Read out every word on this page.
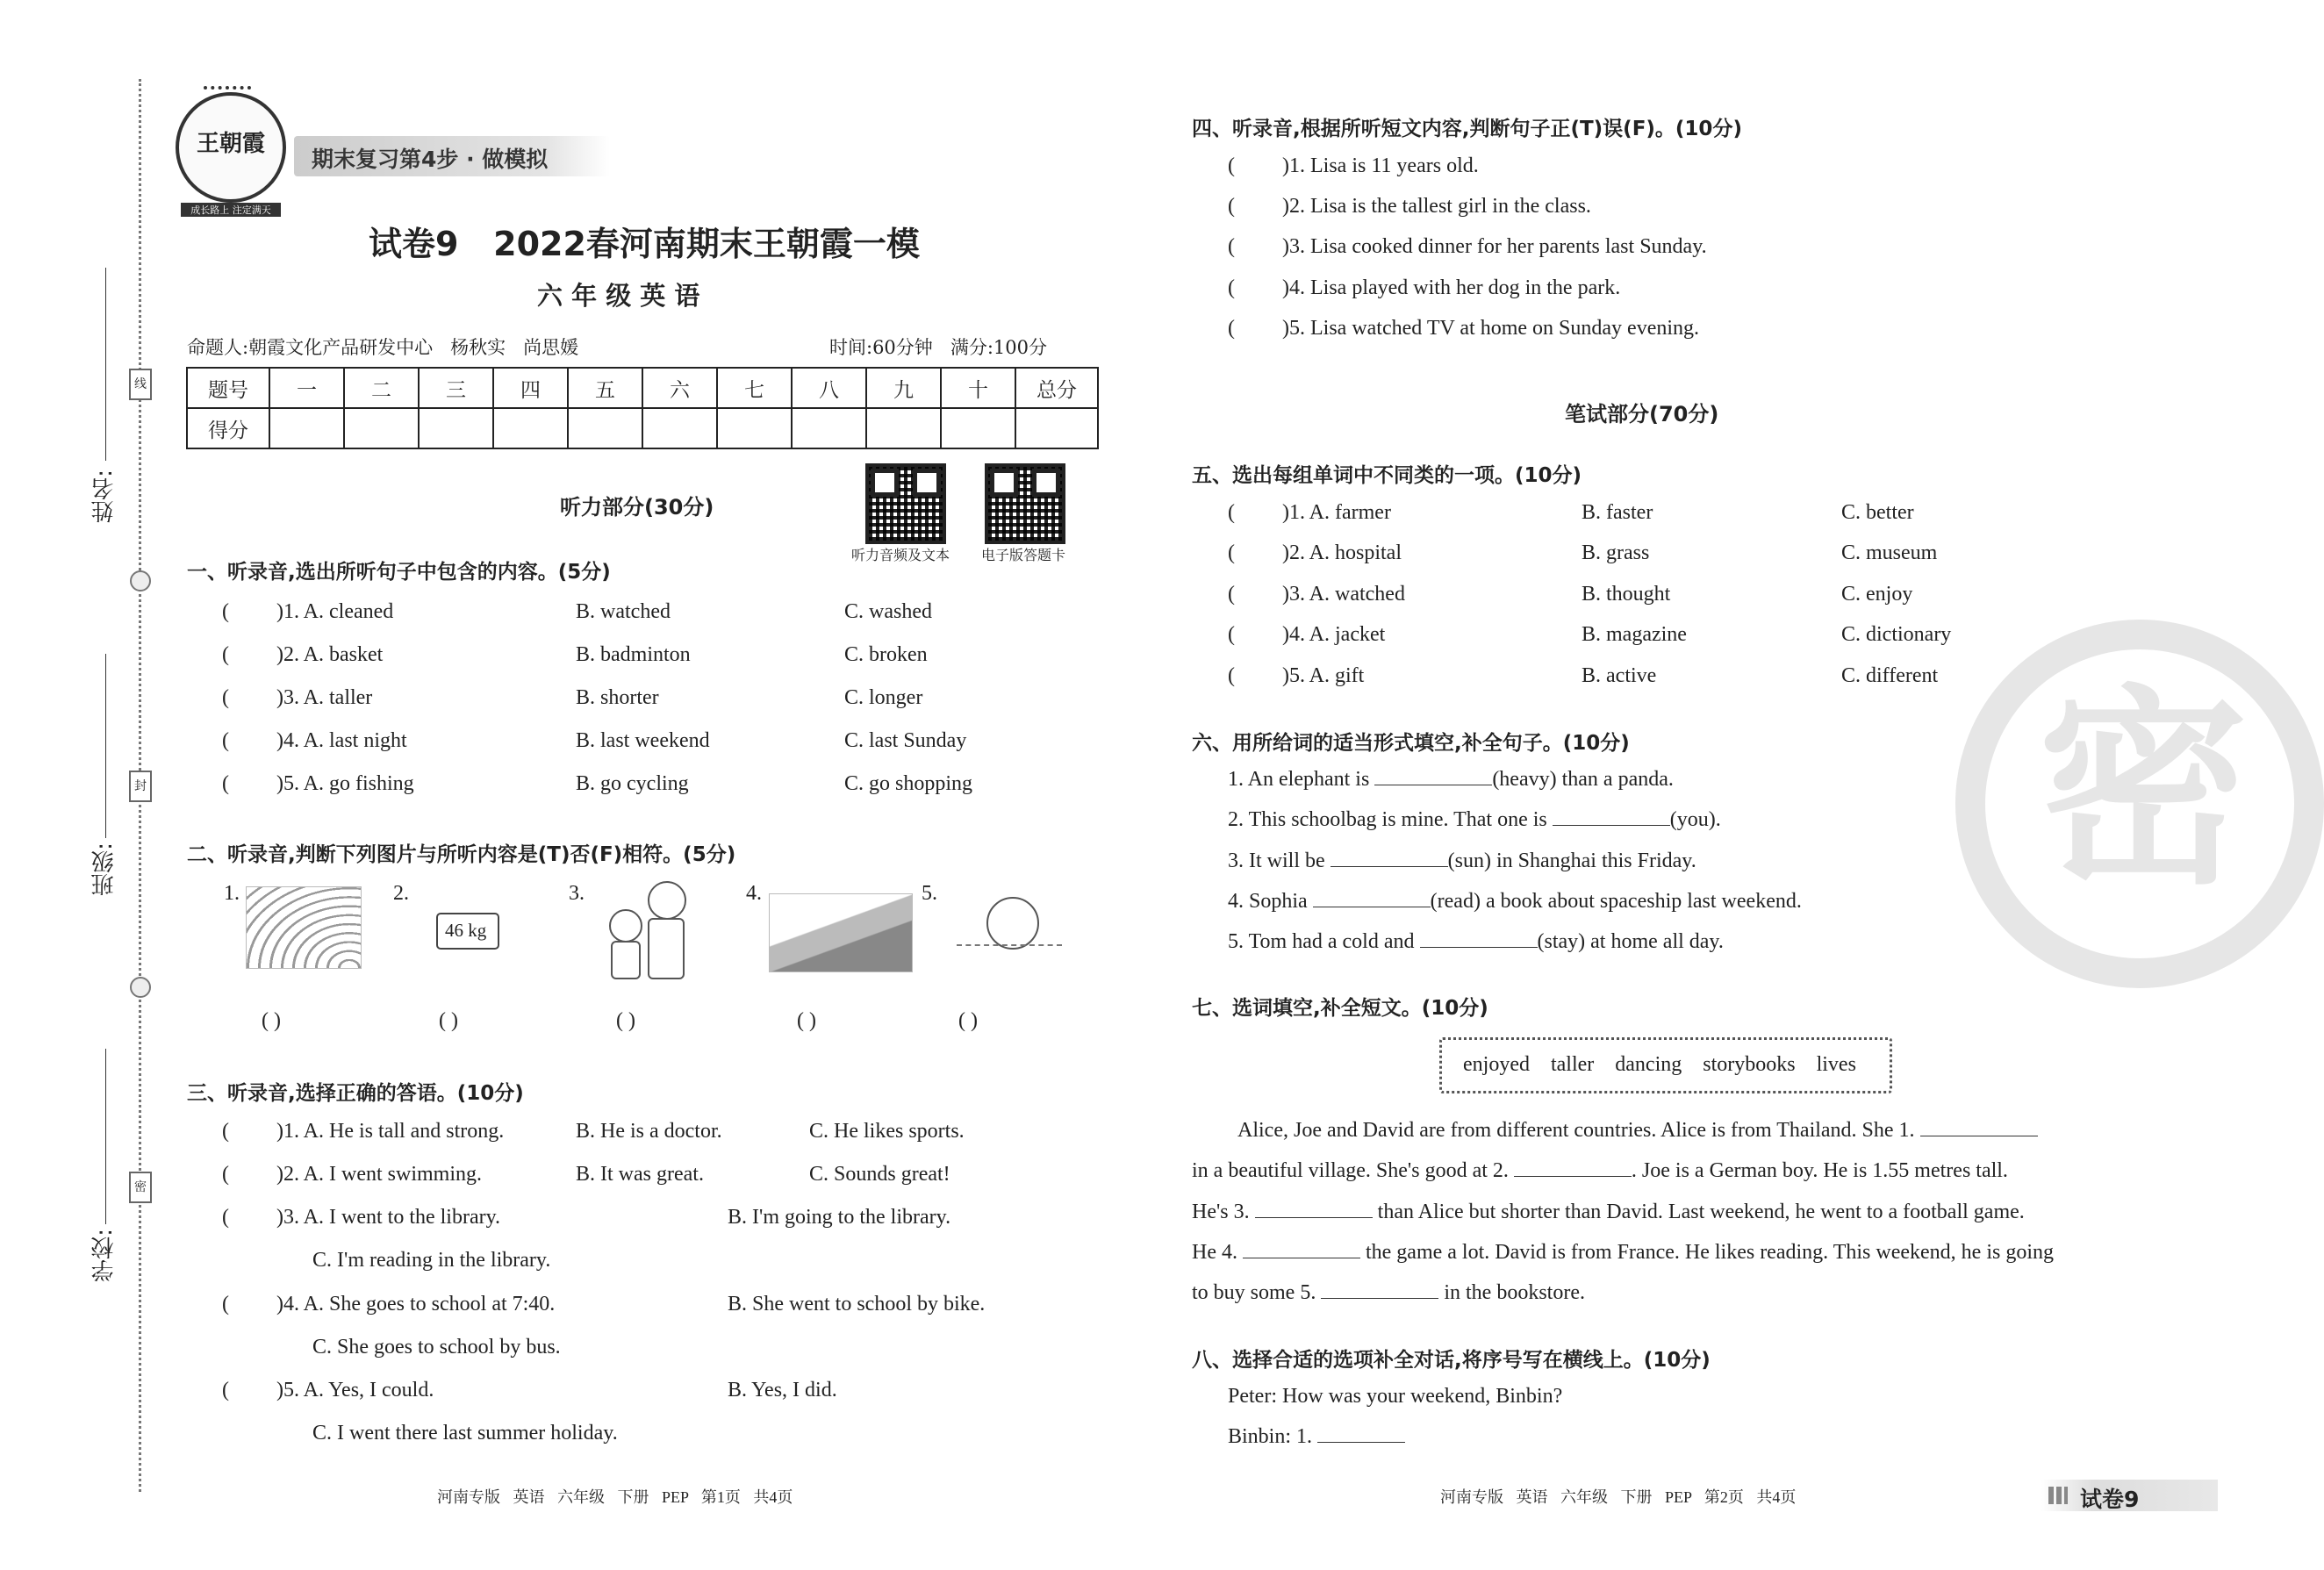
姓名:
班级:
学校:
线
封
密
王朝霞
成长路上 注定满天
期末复习第4步 · 做模拟
试卷9   2022春河南期末王朝霞一模
六 年 级 英 语
命题人:朝霞文化产品研发中心   杨秋实   尚思媛	时间:60分钟   满分:100分
题号	一	二	三	四	五	六	七	八	九	十	总分
得分											
听力音频及文本 电子版答题卡
听力部分(30分)
一、听录音,选出所听句子中包含的内容。(5分)
( )1. A. cleaned	B. watched	C. washed
( )2. A. basket	B. badminton	C. broken
( )3. A. taller	B. shorter	C. longer
( )4. A. last night	B. last weekend	C. last Sunday
( )5. A. go fishing	B. go cycling	C. go shopping
二、听录音,判断下列图片与所听内容是(T)否(F)相符。(5分)
1.	2.	3.	4.	5.
46 kg
( )	( )	( )	( )	( )
三、听录音,选择正确的答语。(10分)
( )1. A. He is tall and strong.	B. He is a doctor.	C. He likes sports.
( )2. A. I went swimming.	B. It was great.	C. Sounds great!
( )3. A. I went to the library.	B. I'm going to the library.
C. I'm reading in the library.
( )4. A. She goes to school at 7:40.	B. She went to school by bike.
C. She goes to school by bus.
( )5. A. Yes, I could.	B. Yes, I did.
C. I went there last summer holiday.
河南专版 英语 六年级 下册 PEP 第1页 共4页
密
四、听录音,根据所听短文内容,判断句子正(T)误(F)。(10分)
( )1. Lisa is 11 years old.
( )2. Lisa is the tallest girl in the class.
( )3. Lisa cooked dinner for her parents last Sunday.
( )4. Lisa played with her dog in the park.
( )5. Lisa watched TV at home on Sunday evening.
笔试部分(70分)
五、选出每组单词中不同类的一项。(10分)
( )1. A. farmer	B. faster	C. better
( )2. A. hospital	B. grass	C. museum
( )3. A. watched	B. thought	C. enjoy
( )4. A. jacket	B. magazine	C. dictionary
( )5. A. gift	B. active	C. different
六、用所给词的适当形式填空,补全句子。(10分)
1. An elephant is	(heavy) than a panda.
2. This schoolbag is mine. That one is	(you).
3. It will be	(sun) in Shanghai this Friday.
4. Sophia	(read) a book about spaceship last weekend.
5. Tom had a cold and	(stay) at home all day.
七、选词填空,补全短文。(10分)
enjoyed    taller    dancing    storybooks    lives
Alice, Joe and David are from different countries. Alice is from Thailand. She 1.
in a beautiful village. She's good at 2.	. Joe is a German boy. He is 1.55 metres tall.
He's 3.	than Alice but shorter than David. Last weekend, he went to a football game.
He 4.	the game a lot. David is from France. He likes reading. This weekend, he is going
to buy some 5.	in the bookstore.
八、选择合适的选项补全对话,将序号写在横线上。(10分)
Peter: How was your weekend, Binbin?
Binbin: 1.
河南专版 英语 六年级 下册 PEP 第2页 共4页	试卷9
